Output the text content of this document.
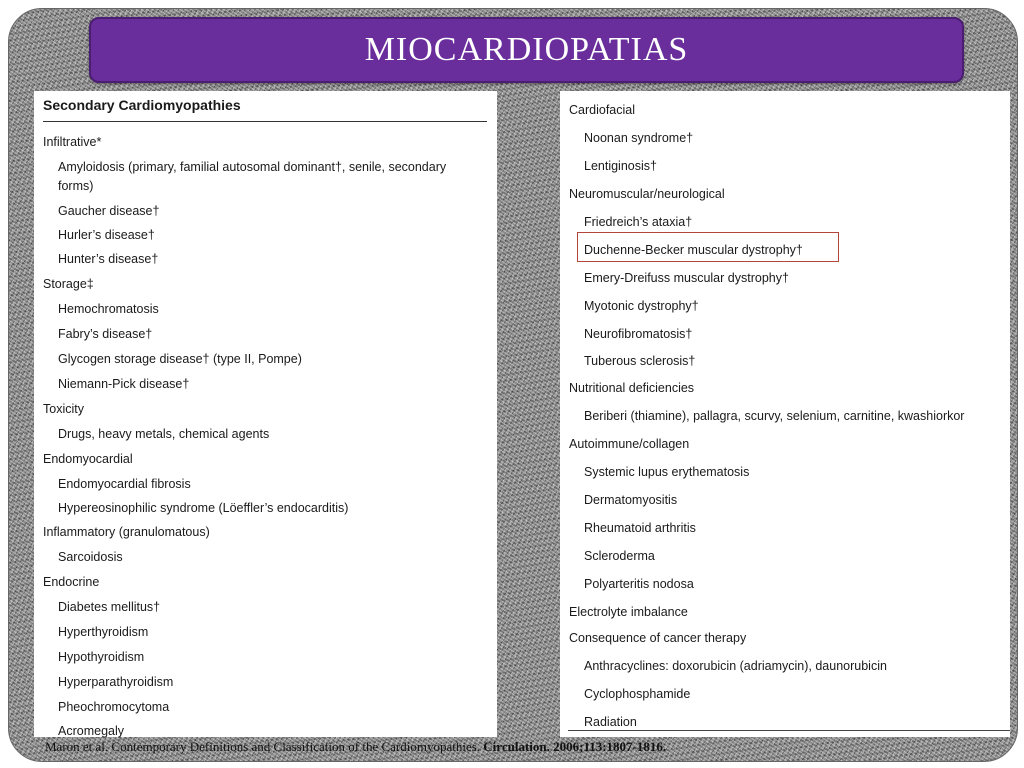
MIOCARDIOPATIAS
Secondary Cardiomyopathies
Infiltrative*
Amyloidosis (primary, familial autosomal dominant†, senile, secondary forms)
Gaucher disease†
Hurler’s disease†
Hunter’s disease†
Storage‡
Hemochromatosis
Fabry’s disease†
Glycogen storage disease† (type II, Pompe)
Niemann-Pick disease†
Toxicity
Drugs, heavy metals, chemical agents
Endomyocardial
Endomyocardial fibrosis
Hypereosinophilic syndrome (Löeffler’s endocarditis)
Inflammatory (granulomatous)
Sarcoidosis
Endocrine
Diabetes mellitus†
Hyperthyroidism
Hypothyroidism
Hyperparathyroidism
Pheochromocytoma
Acromegaly
Cardiofacial
Noonan syndrome†
Lentiginosis†
Neuromuscular/neurological
Friedreich’s ataxia†
Duchenne-Becker muscular dystrophy†
Emery-Dreifuss muscular dystrophy†
Myotonic dystrophy†
Neurofibromatosis†
Tuberous sclerosis†
Nutritional deficiencies
Beriberi (thiamine), pallagra, scurvy, selenium, carnitine, kwashiorkor
Autoimmune/collagen
Systemic lupus erythematosis
Dermatomyositis
Rheumatoid arthritis
Scleroderma
Polyarteritis nodosa
Electrolyte imbalance
Consequence of cancer therapy
Anthracyclines: doxorubicin (adriamycin), daunorubicin
Cyclophosphamide
Radiation
Maron et al. Contemporary Definitions and Classification of the Cardiomyopathies. Circulation. 2006;113:1807-1816.
